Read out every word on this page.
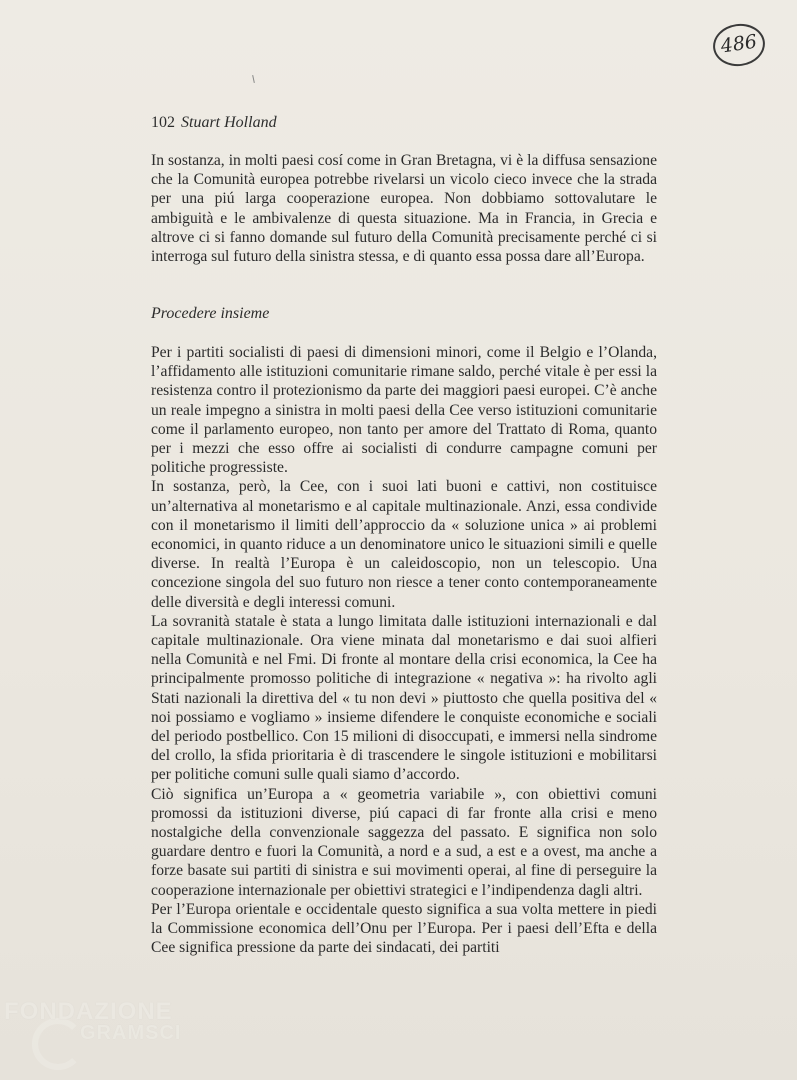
486
102 Stuart Holland

In sostanza, in molti paesi cosí come in Gran Bretagna, vi è la diffusa sensazione che la Comunità europea potrebbe rivelarsi un vicolo cieco invece che la strada per una piú larga cooperazione europea. Non dobbiamo sottovalutare le ambiguità e le ambivalenze di questa situazione. Ma in Francia, in Grecia e altrove ci si fanno domande sul futuro della Comunità precisamente perché ci si interroga sul futuro della sinistra stessa, e di quanto essa possa dare all’Europa.

Procedere insieme

Per i partiti socialisti di paesi di dimensioni minori, come il Belgio e l’Olanda, l’affidamento alle istituzioni comunitarie rimane saldo, perché vitale è per essi la resistenza contro il protezionismo da parte dei maggiori paesi europei. C’è anche un reale impegno a sinistra in molti paesi della Cee verso istituzioni comunitarie come il parlamento europeo, non tanto per amore del Trattato di Roma, quanto per i mezzi che esso offre ai socialisti di condurre campagne comuni per politiche progressiste.

In sostanza, però, la Cee, con i suoi lati buoni e cattivi, non costituisce un’alternativa al monetarismo e al capitale multinazionale. Anzi, essa condivide con il monetarismo il limiti dell’approccio da « soluzione unica » ai problemi economici, in quanto riduce a un denominatore unico le situazioni simili e quelle diverse. In realtà l’Europa è un caleidoscopio, non un telescopio. Una concezione singola del suo futuro non riesce a tener conto contemporaneamente delle diversità e degli interessi comuni.

La sovranità statale è stata a lungo limitata dalle istituzioni internazionali e dal capitale multinazionale. Ora viene minata dal monetarismo e dai suoi alfieri nella Comunità e nel Fmi. Di fronte al montare della crisi economica, la Cee ha principalmente promosso politiche di integrazione « negativa »: ha rivolto agli Stati nazionali la direttiva del « tu non devi » piuttosto che quella positiva del « noi possiamo e vogliamo » insieme difendere le conquiste economiche e sociali del periodo postbellico. Con 15 milioni di disoccupati, e immersi nella sindrome del crollo, la sfida prioritaria è di trascendere le singole istituzioni e mobilitarsi per politiche comuni sulle quali siamo d’accordo.

Ciò significa un’Europa a « geometria variabile », con obiettivi comuni promossi da istituzioni diverse, piú capaci di far fronte alla crisi e meno nostalgiche della convenzionale saggezza del passato. E significa non solo guardare dentro e fuori la Comunità, a nord e a sud, a est e a ovest, ma anche a forze basate sui partiti di sinistra e sui movimenti operai, al fine di perseguire la cooperazione internazionale per obiettivi strategici e l’indipendenza dagli altri.

Per l’Europa orientale e occidentale questo significa a sua volta mettere in piedi la Commissione economica dell’Onu per l’Europa. Per i paesi dell’Efta e della Cee significa pressione da parte dei sindacati, dei partiti

FONDAZIONE
GRAMSCI
